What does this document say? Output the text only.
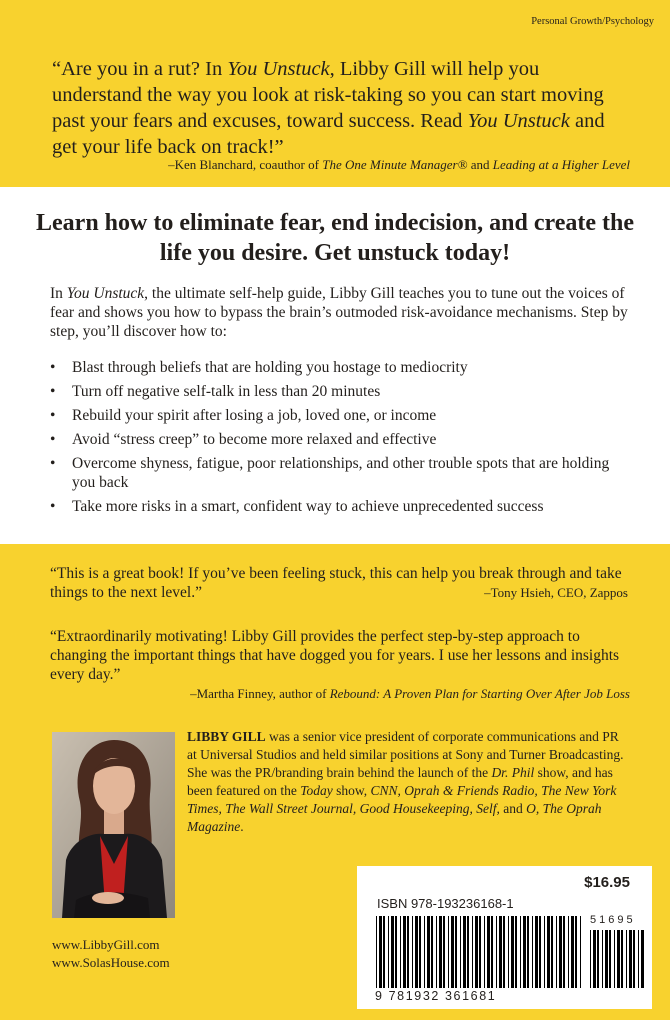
Personal Growth/Psychology
“Are you in a rut? In You Unstuck, Libby Gill will help you understand the way you look at risk-taking so you can start moving past your fears and excuses, toward success. Read You Unstuck and get your life back on track!”
–Ken Blanchard, coauthor of The One Minute Manager® and Leading at a Higher Level
Learn how to eliminate fear, end indecision, and create the life you desire. Get unstuck today!
In You Unstuck, the ultimate self-help guide, Libby Gill teaches you to tune out the voices of fear and shows you how to bypass the brain’s outmoded risk-avoidance mechanisms. Step by step, you’ll discover how to:
• Blast through beliefs that are holding you hostage to mediocrity
• Turn off negative self-talk in less than 20 minutes
• Rebuild your spirit after losing a job, loved one, or income
• Avoid “stress creep” to become more relaxed and effective
• Overcome shyness, fatigue, poor relationships, and other trouble spots that are holding you back
• Take more risks in a smart, confident way to achieve unprecedented success
“This is a great book! If you’ve been feeling stuck, this can help you break through and take things to the next level.”	–Tony Hsieh, CEO, Zappos
“Extraordinarily motivating! Libby Gill provides the perfect step-by-step approach to changing the important things that have dogged you for years. I use her lessons and insights every day.”
–Martha Finney, author of Rebound: A Proven Plan for Starting Over After Job Loss
LIBBY GILL was a senior vice president of corporate communications and PR at Universal Studios and held similar positions at Sony and Turner Broadcasting. She was the PR/branding brain behind the launch of the Dr. Phil show, and has been featured on the Today show, CNN, Oprah & Friends Radio, The New York Times, The Wall Street Journal, Good Housekeeping, Self, and O, The Oprah Magazine.
www.LibbyGill.com
www.SolasHouse.com
$16.95
ISBN 978-193236168-1
51695
9 781932 361681
